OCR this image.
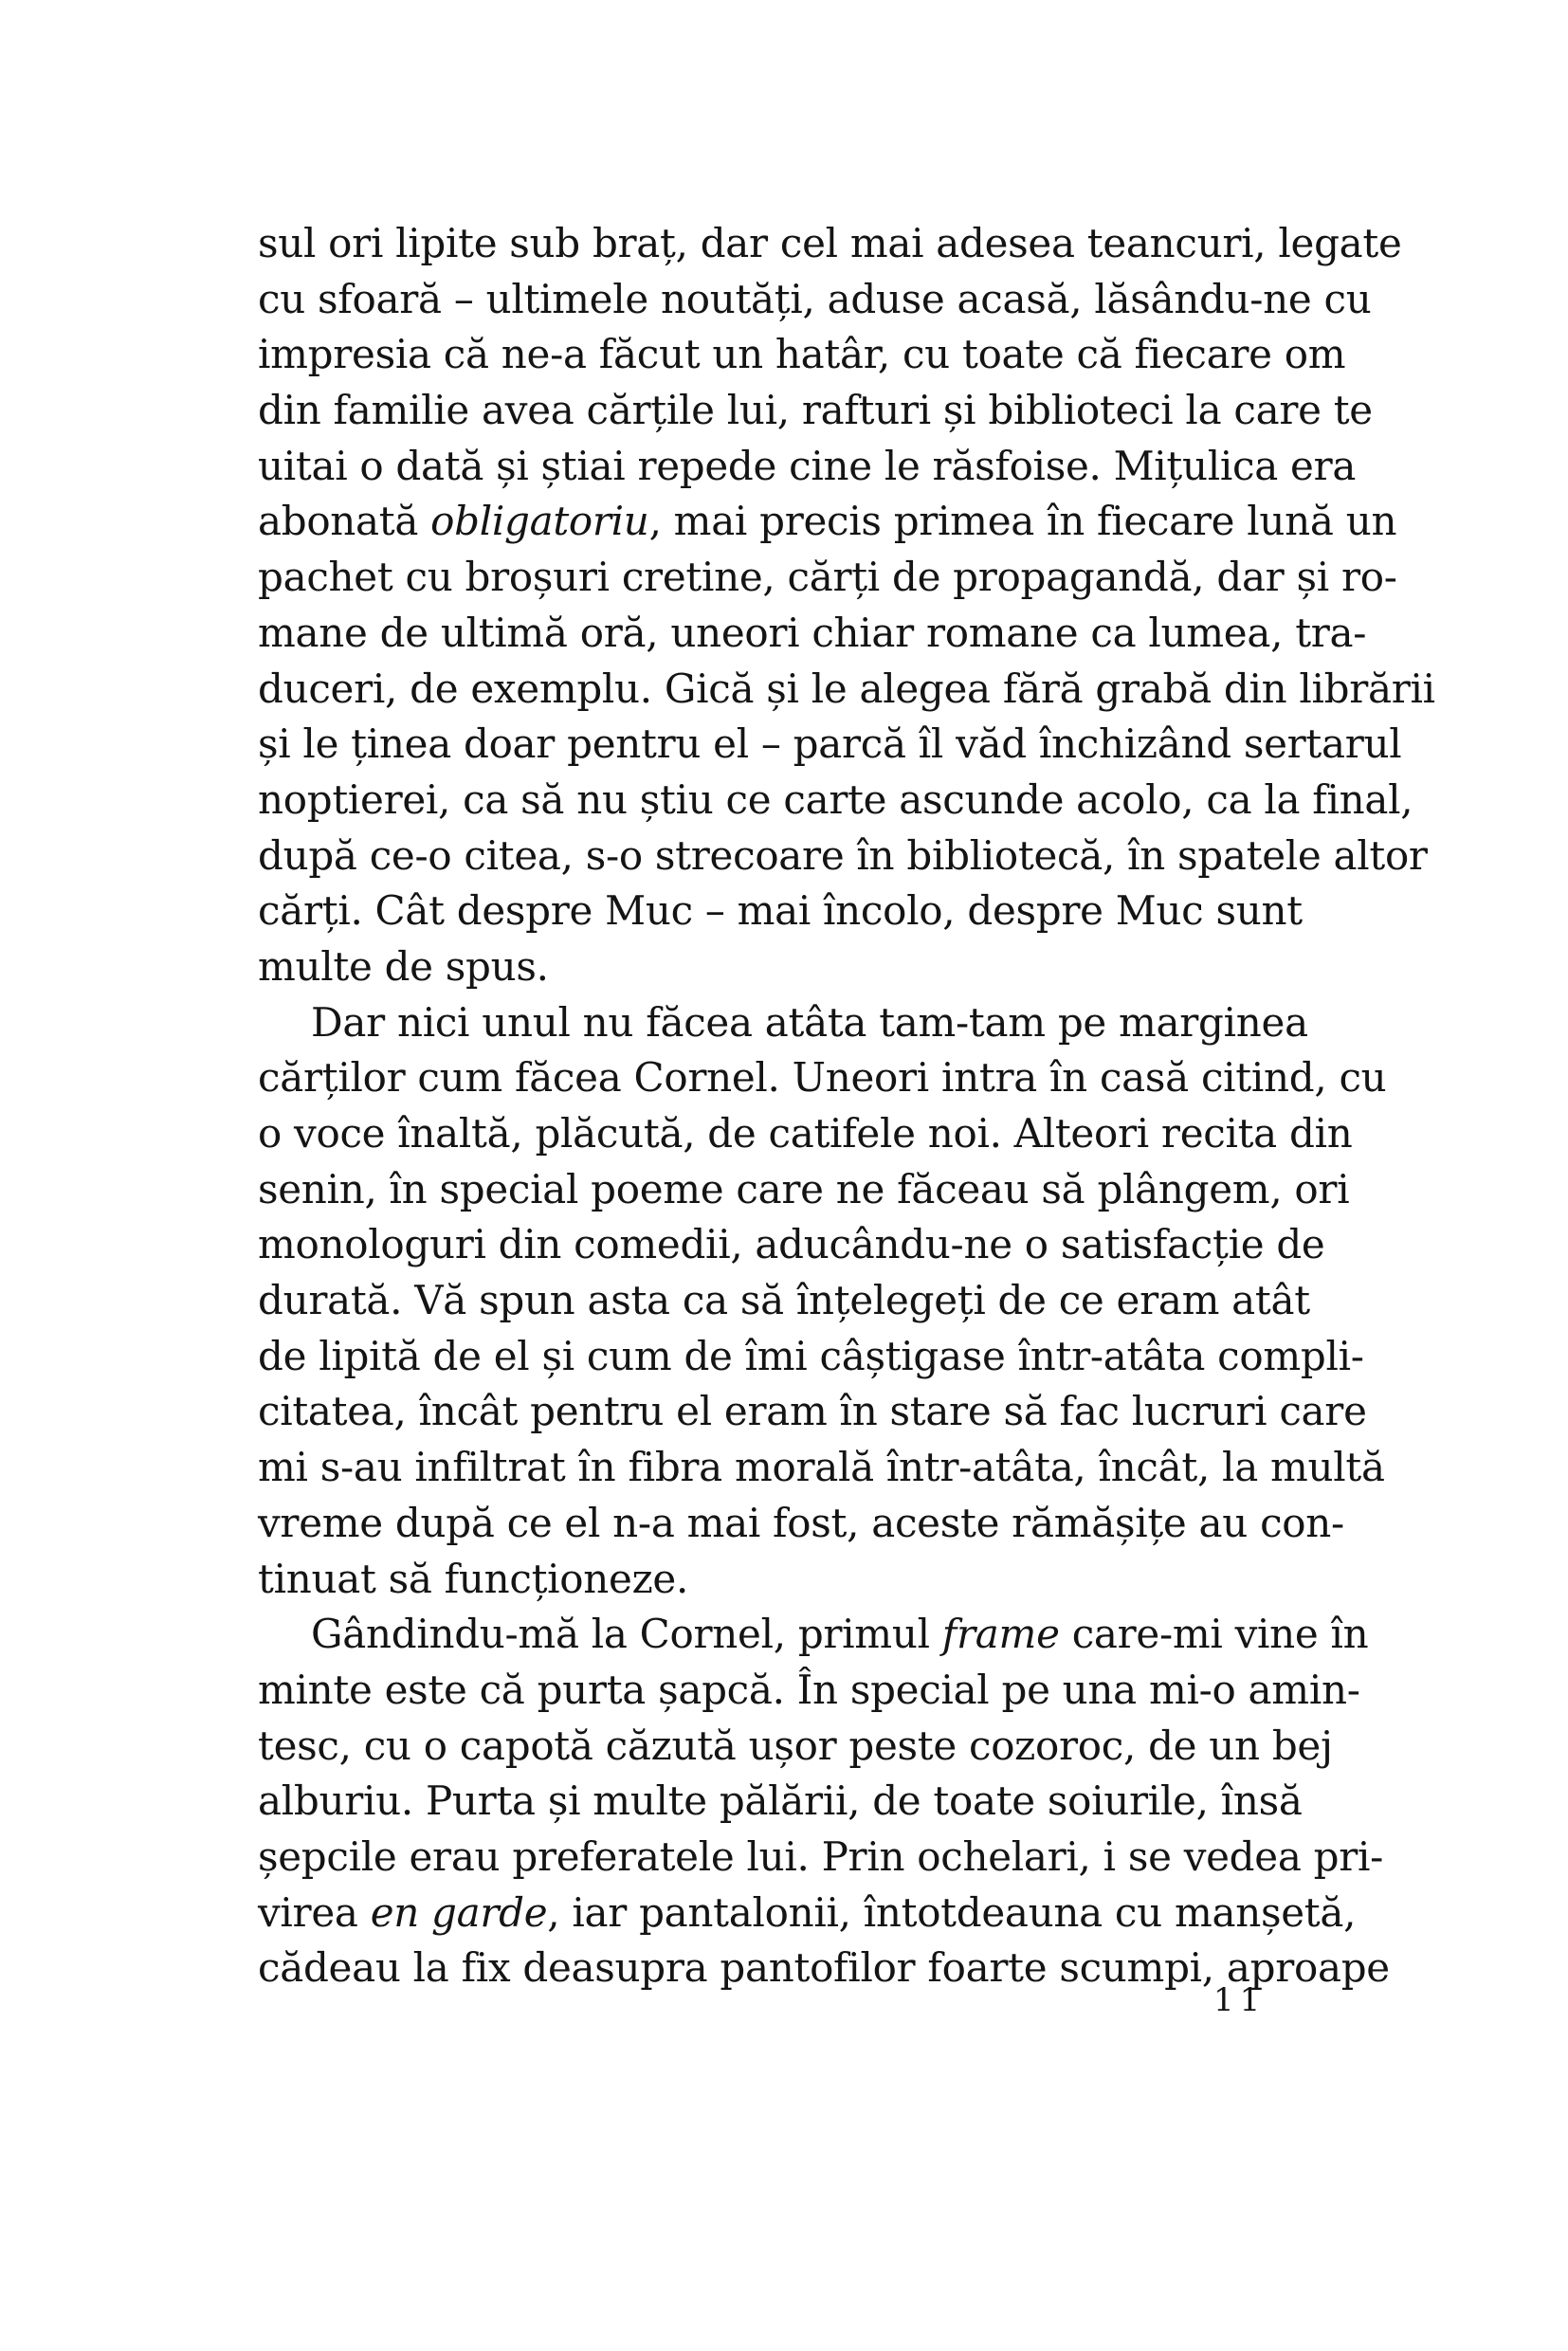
sul ori lipite sub braț, dar cel mai adesea teancuri, legate
cu sfoară – ultimele noutăți, aduse acasă, lăsându-ne cu
impresia că ne-a făcut un hatâr, cu toate că fiecare om
din familie avea cărțile lui, rafturi și biblioteci la care te
uitai o dată și știai repede cine le răsfoise. Mițulica era
abonată obligatoriu, mai precis primea în fiecare lună un
pachet cu broșuri cretine, cărți de propagandă, dar și ro-
mane de ultimă oră, uneori chiar romane ca lumea, tra-
duceri, de exemplu. Gică și le alegea fără grabă din librării
și le ținea doar pentru el – parcă îl văd închizând sertarul
noptierei, ca să nu știu ce carte ascunde acolo, ca la final,
după ce-o citea, s-o strecoare în bibliotecă, în spatele altor
cărți. Cât despre Muc – mai încolo, despre Muc sunt
multe de spus.
Dar nici unul nu făcea atâta tam-tam pe marginea
cărților cum făcea Cornel. Uneori intra în casă citind, cu
o voce înaltă, plăcută, de catifele noi. Alteori recita din
senin, în special poeme care ne făceau să plângem, ori
monologuri din comedii, aducându-ne o satisfacție de
durată. Vă spun asta ca să înțelegeți de ce eram atât
de lipită de el și cum de îmi câștigase într-atâta compli-
citatea, încât pentru el eram în stare să fac lucruri care
mi s-au infiltrat în fibra morală într-atâta, încât, la multă
vreme după ce el n-a mai fost, aceste rămășițe au con-
tinuat să funcționeze.
Gândindu-mă la Cornel, primul frame care-mi vine în
minte este că purta șapcă. În special pe una mi-o amin-
tesc, cu o capotă căzută ușor peste cozoroc, de un bej
alburiu. Purta și multe pălării, de toate soiurile, însă
șepcile erau preferatele lui. Prin ochelari, i se vedea pri-
virea en garde, iar pantalonii, întotdeauna cu manșetă,
cădeau la fix deasupra pantofilor foarte scumpi, aproape
11
